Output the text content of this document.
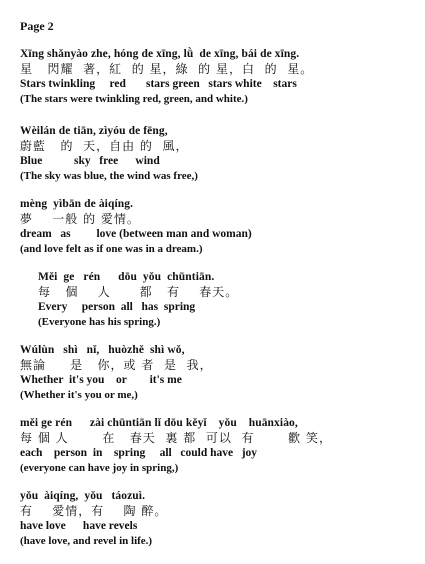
Page 2
Xīng shǎnyào zhe, hóng de xīng, lǜ  de xīng, bái de xīng.
星   閃耀  著，紅  的 星，綠  的 星，白  的  星。
Stars twinkling     red       stars green   stars white    stars
(The stars were twinkling red, green, and white.)
Wèilán de tiān, zìyóu de fēng,
蔚藍   的  天，自由 的  風，
Blue           sky   free      wind
(The sky was blue, the wind was free,)
mèng  yìbān de àiqíng.
夢    一般 的 愛情。
dream   as         love (between man and woman)
(and love felt as if one was in a dream.)
Měi  ge   rén      dōu  yǒu  chūntiān.
每   個    人      都   有    春天。
Every     person  all   has  spring
(Everyone has his spring.)
Wúlùn   shì   nǐ,   huòzhě  shì wǒ,
無論     是   你，或 者  是  我，
Whether  it's you    or        it's me
(Whether it's you or me,)
měi ge rén      zài chūntiān lǐ dōu kěyǐ    yǒu    huānxiào,
每 個 人       在   春天  裏 都  可以  有       歡 笑，
each    person  in    spring     all   could have   joy
(everyone can have joy in spring,)
yǒu  àiqíng,  yǒu   táozuì.
有    愛情，有    陶 醉。
have love      have revels
(have love, and revel in life.)
